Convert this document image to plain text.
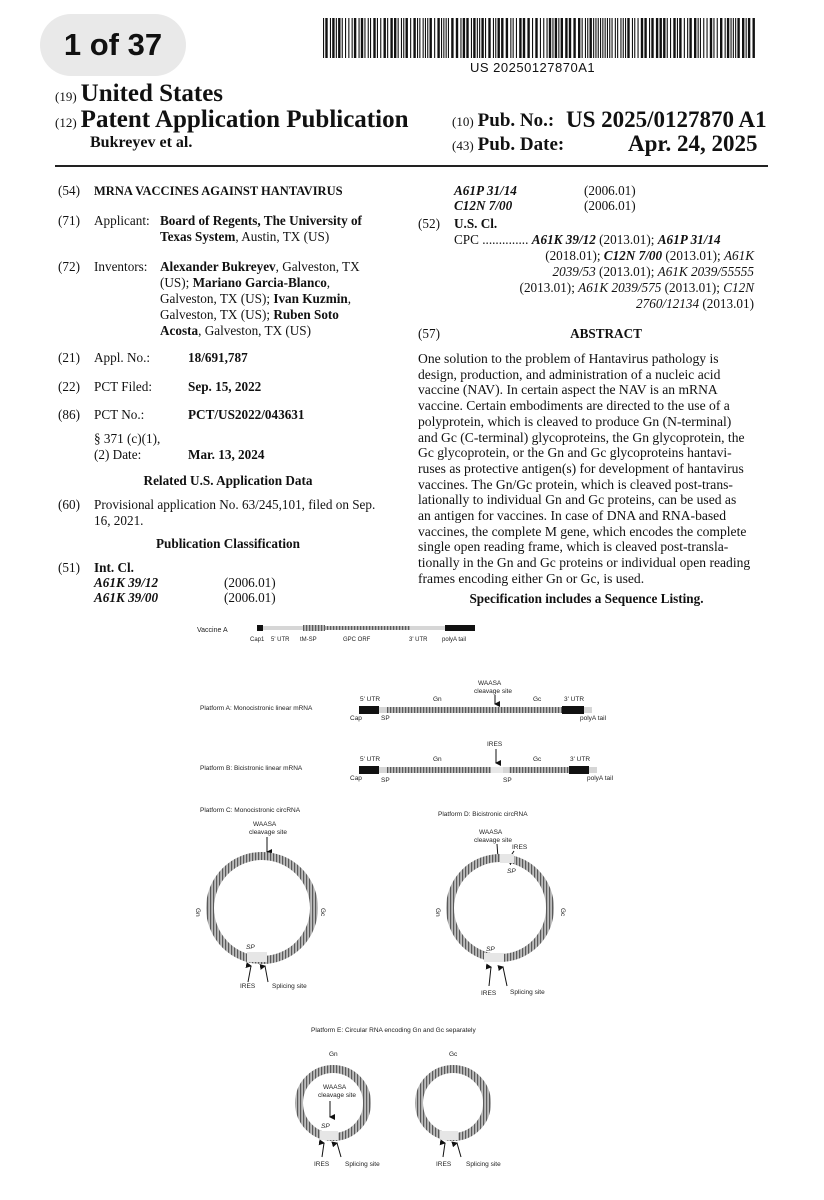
1 of 37
US 20250127870A1
(19) United States
(12) Patent Application Publication
Bukreyev et al.
(10) Pub. No.: US 2025/0127870 A1
(43) Pub. Date:	Apr. 24, 2025
(54) MRNA VACCINES AGAINST HANTAVIRUS
(71) Applicant: Board of Regents, The University of
Texas System, Austin, TX (US)
(72) Inventors: Alexander Bukreyev, Galveston, TX
(US); Mariano Garcia-Blanco,
Galveston, TX (US); Ivan Kuzmin,
Galveston, TX (US); Ruben Soto
Acosta, Galveston, TX (US)
(21) Appl. No.:	18/691,787
(22) PCT Filed:	Sep. 15, 2022
(86) PCT No.:	PCT/US2022/043631
§ 371 (c)(1),
(2) Date:	Mar. 13, 2024
Related U.S. Application Data
(60) Provisional application No. 63/245,101, filed on Sep.
16, 2021.
Publication Classification
(51) Int. Cl.
A61K 39/12	(2006.01)
A61K 39/00	(2006.01)
A61P 31/14	(2006.01)
C12N 7/00	(2006.01)
(52) U.S. Cl.
CPC .............. A61K 39/12 (2013.01); A61P 31/14
(2018.01); C12N 7/00 (2013.01); A61K
2039/53 (2013.01); A61K 2039/55555
(2013.01); A61K 2039/575 (2013.01); C12N
2760/12134 (2013.01)
(57)	ABSTRACT
One solution to the problem of Hantavirus pathology is
design, production, and administration of a nucleic acid
vaccine (NAV). In certain aspect the NAV is an mRNA
vaccine. Certain embodiments are directed to the use of a
polyprotein, which is cleaved to produce Gn (N-terminal)
and Gc (C-terminal) glycoproteins, the Gn glycoprotein, the
Gc glycoprotein, or the Gn and Gc glycoproteins hantavi-
ruses as protective antigen(s) for development of hantavirus
vaccines. The Gn/Gc protein, which is cleaved post-trans-
lationally to individual Gn and Gc proteins, can be used as
an antigen for vaccines. In case of DNA and RNA-based
vaccines, the complete M gene, which encodes the complete
single open reading frame, which is cleaved post-transla-
tionally in the Gn and Gc proteins or individual open reading
frames encoding either Gn or Gc, is used.
Specification includes a Sequence Listing.
Vaccine A
Cap1 5' UTR tM-SP	GPC ORF	3' UTR polyA tail
Platform A: Monocistronic linear mRNA
WAASA
cleavage site
5' UTR	Gn	Gc	3' UTR
Cap	SP	polyA tail
Platform B: Bicistronic linear mRNA
IRES
5' UTR	Gn	Gc	3' UTR
Cap	SP	SP	polyA tail
Platform C: Monocistronic circRNA
WAASA
cleavage site
Gn	Gc
SP
IRES	Splicing site
Platform D: Bicistronic circRNA
WAASA
cleavage site
IRES
SP
Gn	Gc
SP
IRES Splicing site
Platform E: Circular RNA encoding Gn and Gc separately
Gn	Gc
WAASA
cleavage site
SP
IRES Splicing site	IRES Splicing site
